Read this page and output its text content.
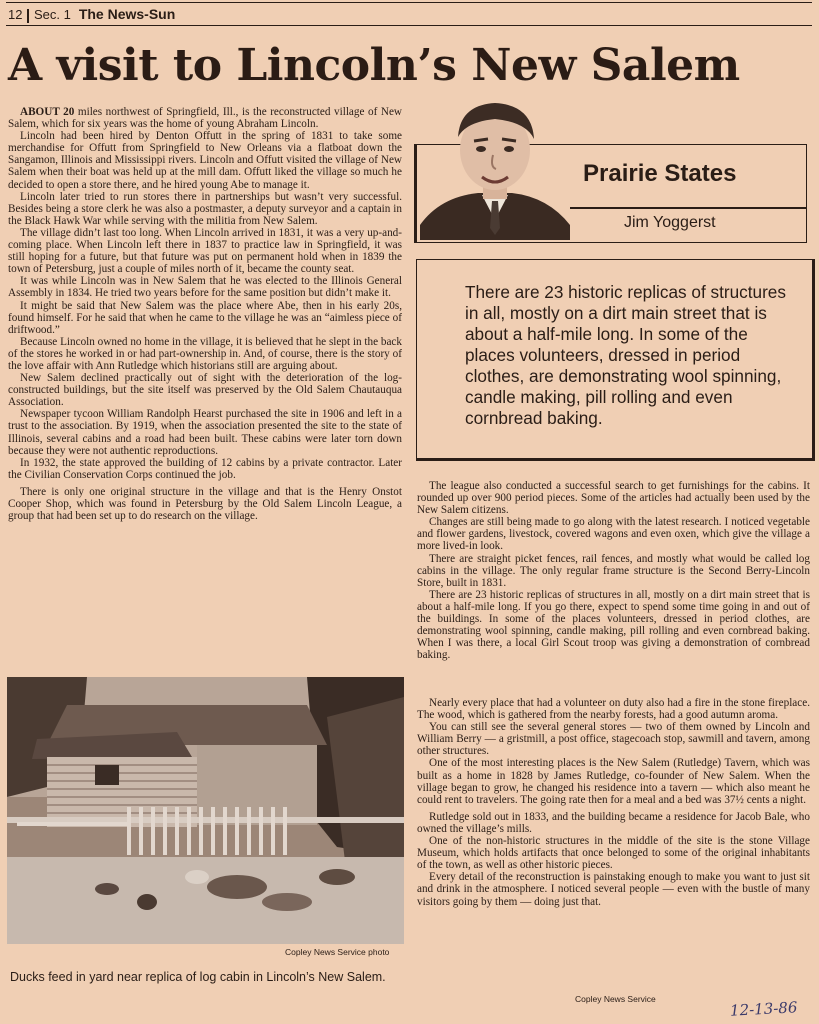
12 Sec. 1 The News-Sun
A visit to Lincoln’s New Salem

ABOUT 20 miles northwest of Springfield, Ill., is the reconstructed village of New Salem, which for six years was the home of young Abraham Lincoln.

Lincoln had been hired by Denton Offutt in the spring of 1831 to take some merchandise for Offutt from Springfield to New Orleans via a flatboat down the Sangamon, Illinois and Mississippi rivers. Lincoln and Offutt visited the village of New Salem when their boat was held up at the mill dam. Offutt liked the village so much he decided to open a store there, and he hired young Abe to manage it.

Lincoln later tried to run stores there in partnerships but wasn’t very successful. Besides being a store clerk he was also a postmaster, a deputy surveyor and a captain in the Black Hawk War while serving with the militia from New Salem.

The village didn’t last too long. When Lincoln arrived in 1831, it was a very up-and-coming place. When Lincoln left there in 1837 to practice law in Springfield, it was still hoping for a future, but that future was put on permanent hold when in 1839 the town of Petersburg, just a couple of miles north of it, became the county seat.

It was while Lincoln was in New Salem that he was elected to the Illinois General Assembly in 1834. He tried two years before for the same position but didn’t make it.

It might be said that New Salem was the place where Abe, then in his early 20s, found himself. For he said that when he came to the village he was an “aimless piece of driftwood.”

Because Lincoln owned no home in the village, it is believed that he slept in the back of the stores he worked in or had part-ownership in. And, of course, there is the story of the love affair with Ann Rutledge which historians still are arguing about.

New Salem declined practically out of sight with the deterioration of the log-constructed buildings, but the site itself was preserved by the Old Salem Chautauqua Association.

Newspaper tycoon William Randolph Hearst purchased the site in 1906 and left in a trust to the association. By 1919, when the association presented the site to the state of Illinois, several cabins and a road had been built. These cabins were later torn down because they were not authentic reproductions.

In 1932, the state approved the building of 12 cabins by a private contractor. Later the Civilian Conservation Corps continued the job.

There is only one original structure in the village and that is the Henry Onstot Cooper Shop, which was found in Petersburg by the Old Salem Lincoln League, a group that had been set up to do research on the village.

Prairie States
Jim Yoggerst
There are 23 historic replicas of structures in all, mostly on a dirt main street that is about a half-mile long. In some of the places volunteers, dressed in period clothes, are demonstrating wool spinning, candle making, pill rolling and even cornbread baking.

The league also conducted a successful search to get furnishings for the cabins. It rounded up over 900 period pieces. Some of the articles had actually been used by the New Salem citizens.

Changes are still being made to go along with the latest research. I noticed vegetable and flower gardens, livestock, covered wagons and even oxen, which give the village a more lived-in look.

There are straight picket fences, rail fences, and mostly what would be called log cabins in the village. The only regular frame structure is the Second Berry-Lincoln Store, built in 1831.

There are 23 historic replicas of structures in all, mostly on a dirt main street that is about a half-mile long. If you go there, expect to spend some time going in and out of the buildings. In some of the places volunteers, dressed in period clothes, are demonstrating wool spinning, candle making, pill rolling and even cornbread baking. When I was there, a local Girl Scout troop was giving a demonstration of cornbread baking.

Nearly every place that had a volunteer on duty also had a fire in the stone fireplace. The wood, which is gathered from the nearby forests, had a good autumn aroma.

You can still see the several general stores — two of them owned by Lincoln and William Berry — a gristmill, a post office, stagecoach stop, sawmill and tavern, among other structures.

One of the most interesting places is the New Salem (Rutledge) Tavern, which was built as a home in 1828 by James Rutledge, co-founder of New Salem. When the village began to grow, he changed his residence into a tavern — which also meant he could rent to travelers. The going rate then for a meal and a bed was 37½ cents a night.

Rutledge sold out in 1833, and the building became a residence for Jacob Bale, who owned the village’s mills.

One of the non-historic structures in the middle of the site is the stone Village Museum, which holds artifacts that once belonged to some of the original inhabitants of the town, as well as other historic pieces.

Every detail of the reconstruction is painstaking enough to make you want to just sit and drink in the atmosphere. I noticed several people — even with the bustle of many visitors going by them — doing just that.

Copley News Service photo
Ducks feed in yard near replica of log cabin in Lincoln’s New Salem.
Copley News Service	12-13-86
